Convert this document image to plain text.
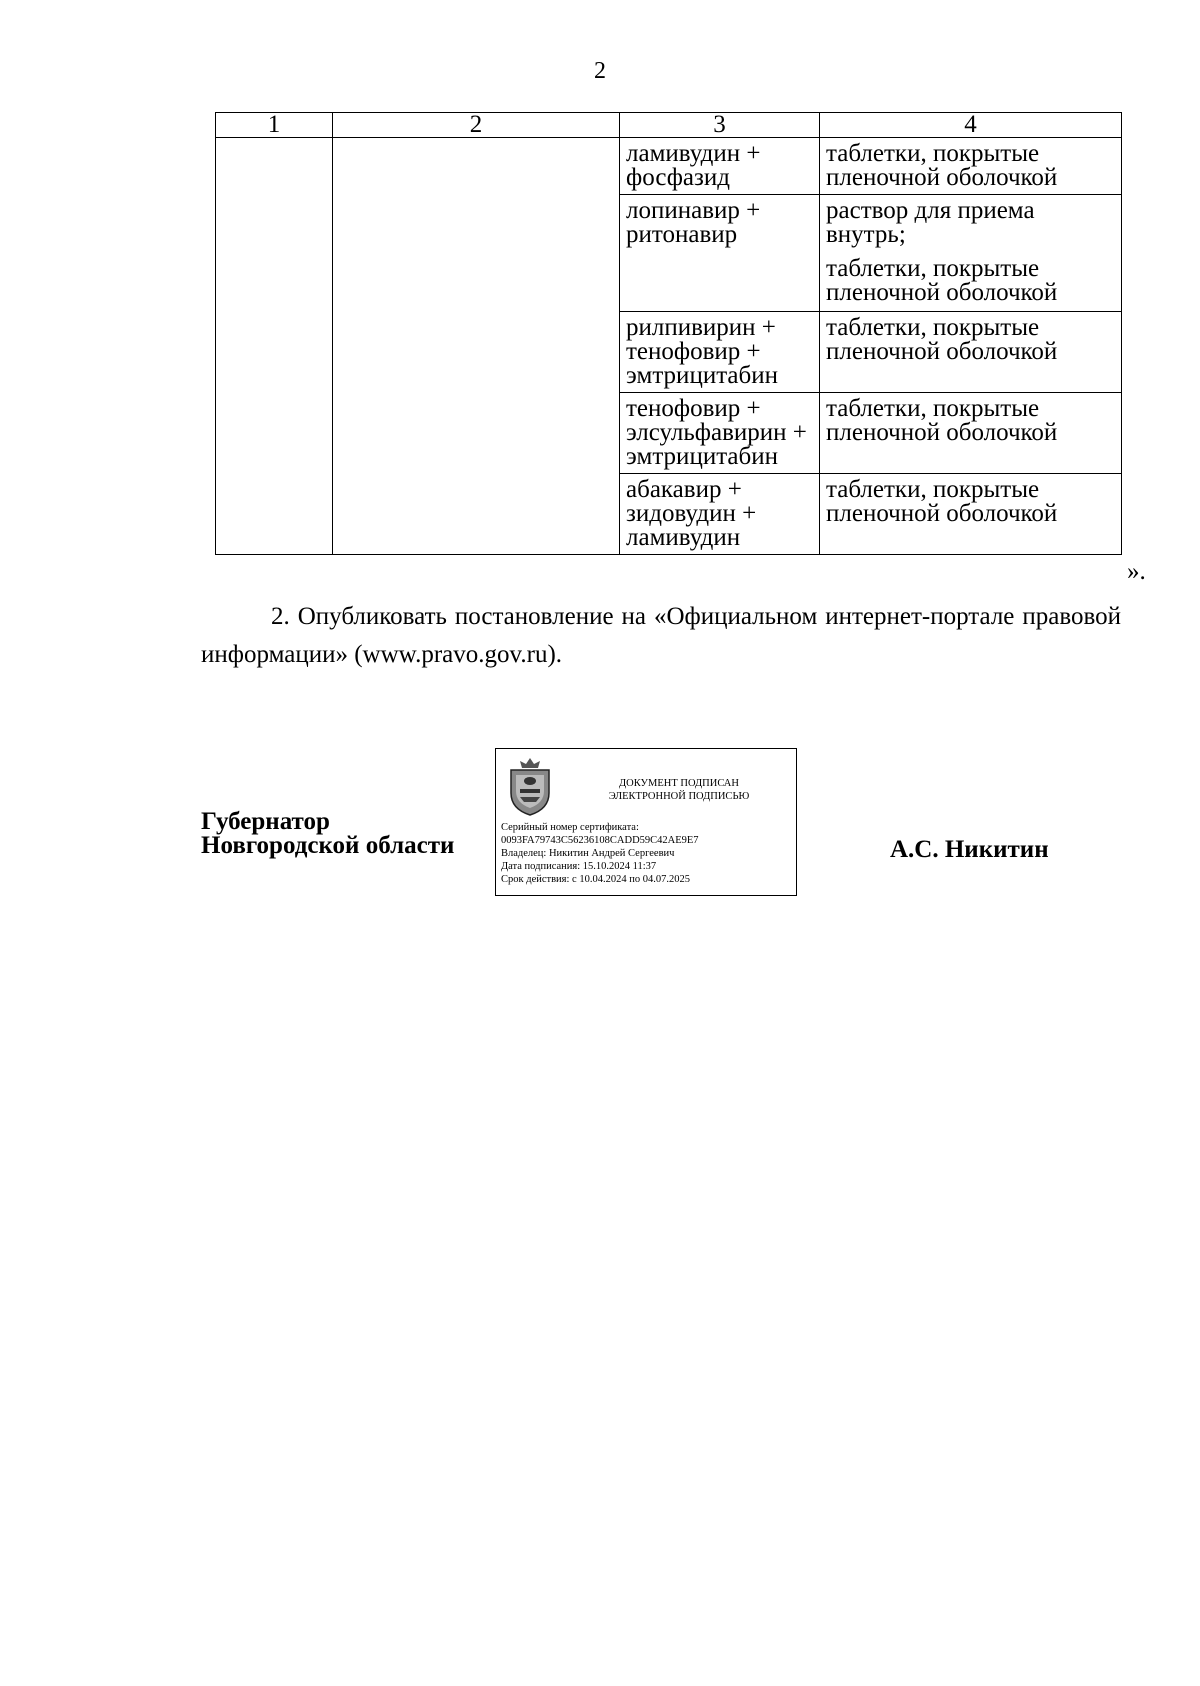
2
1	2	3	4

		ламивудин + фосфазид	таблетки, покрытые пленочной оболочкой

		лопинавир + ритонавир	раствор для приема внутрь;
таблетки, покрытые пленочной оболочкой

		рилпивирин + тенофовир + эмтрицитабин	таблетки, покрытые пленочной оболочкой

		тенофовир + элсульфавирин + эмтрицитабин	таблетки, покрытые пленочной оболочкой

		абакавир + зидовудин + ламивудин	таблетки, покрытые пленочной оболочкой
».
2. Опубликовать постановление на «Официальном интернет-портале правовой информации» (www.pravo.gov.ru).
Губернатор
Новгородской области
ДОКУМЕНТ ПОДПИСАН
ЭЛЕКТРОННОЙ ПОДПИСЬЮ
Серийный номер сертификата:
0093FA79743C56236108CADD59C42AE9E7
Владелец: Никитин Андрей Сергеевич
Дата подписания: 15.10.2024 11:37
Срок действия: с 10.04.2024 по 04.07.2025
А.С. Никитин
